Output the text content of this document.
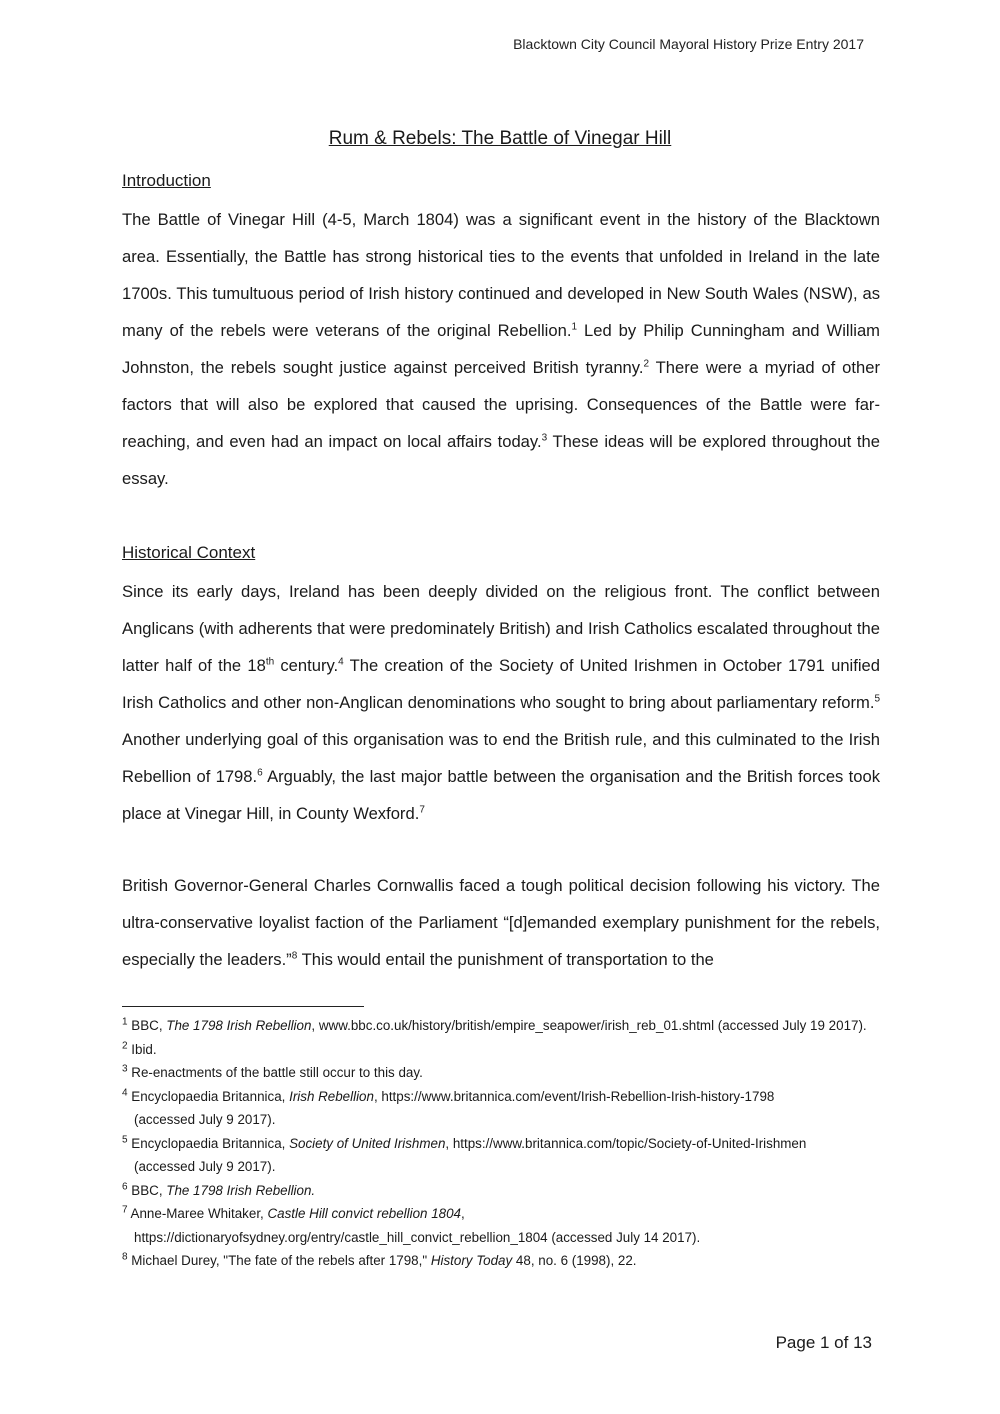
Blacktown City Council Mayoral History Prize Entry 2017
Rum & Rebels: The Battle of Vinegar Hill
Introduction

The Battle of Vinegar Hill (4-5, March 1804) was a significant event in the history of the Blacktown area. Essentially, the Battle has strong historical ties to the events that unfolded in Ireland in the late 1700s. This tumultuous period of Irish history continued and developed in New South Wales (NSW), as many of the rebels were veterans of the original Rebellion.$^1$ Led by Philip Cunningham and William Johnston, the rebels sought justice against perceived British tyranny.$^2$ There were a myriad of other factors that will also be explored that caused the uprising. Consequences of the Battle were far-reaching, and even had an impact on local affairs today.$^3$ These ideas will be explored throughout the essay.

Historical Context

Since its early days, Ireland has been deeply divided on the religious front. The conflict between Anglicans (with adherents that were predominately British) and Irish Catholics escalated throughout the latter half of the 18th century.$^4$ The creation of the Society of United Irishmen in October 1791 unified Irish Catholics and other non-Anglican denominations who sought to bring about parliamentary reform.$^5$ Another underlying goal of this organisation was to end the British rule, and this culminated to the Irish Rebellion of 1798.$^6$ Arguably, the last major battle between the organisation and the British forces took place at Vinegar Hill, in County Wexford.$^7$

British Governor-General Charles Cornwallis faced a tough political decision following his victory. The ultra-conservative loyalist faction of the Parliament “[d]emanded exemplary punishment for the rebels, especially the leaders.”$^8$ This would entail the punishment of transportation to the

$^1$ BBC, The 1798 Irish Rebellion, www.bbc.co.uk/history/british/empire_seapower/irish_reb_01.shtml (accessed July 19 2017).

$^2$ Ibid.

$^3$ Re-enactments of the battle still occur to this day.

$^4$ Encyclopaedia Britannica, Irish Rebellion, https://www.britannica.com/event/Irish-Rebellion-Irish-history-1798
(accessed July 9 2017).

$^5$ Encyclopaedia Britannica, Society of United Irishmen, https://www.britannica.com/topic/Society-of-United-Irishmen
(accessed July 9 2017).

$^6$ BBC, The 1798 Irish Rebellion.

$^7$ Anne-Maree Whitaker, Castle Hill convict rebellion 1804,
https://dictionaryofsydney.org/entry/castle_hill_convict_rebellion_1804 (accessed July 14 2017).

$^8$ Michael Durey, "The fate of the rebels after 1798," History Today 48, no. 6 (1998), 22.

Page 1 of 13
